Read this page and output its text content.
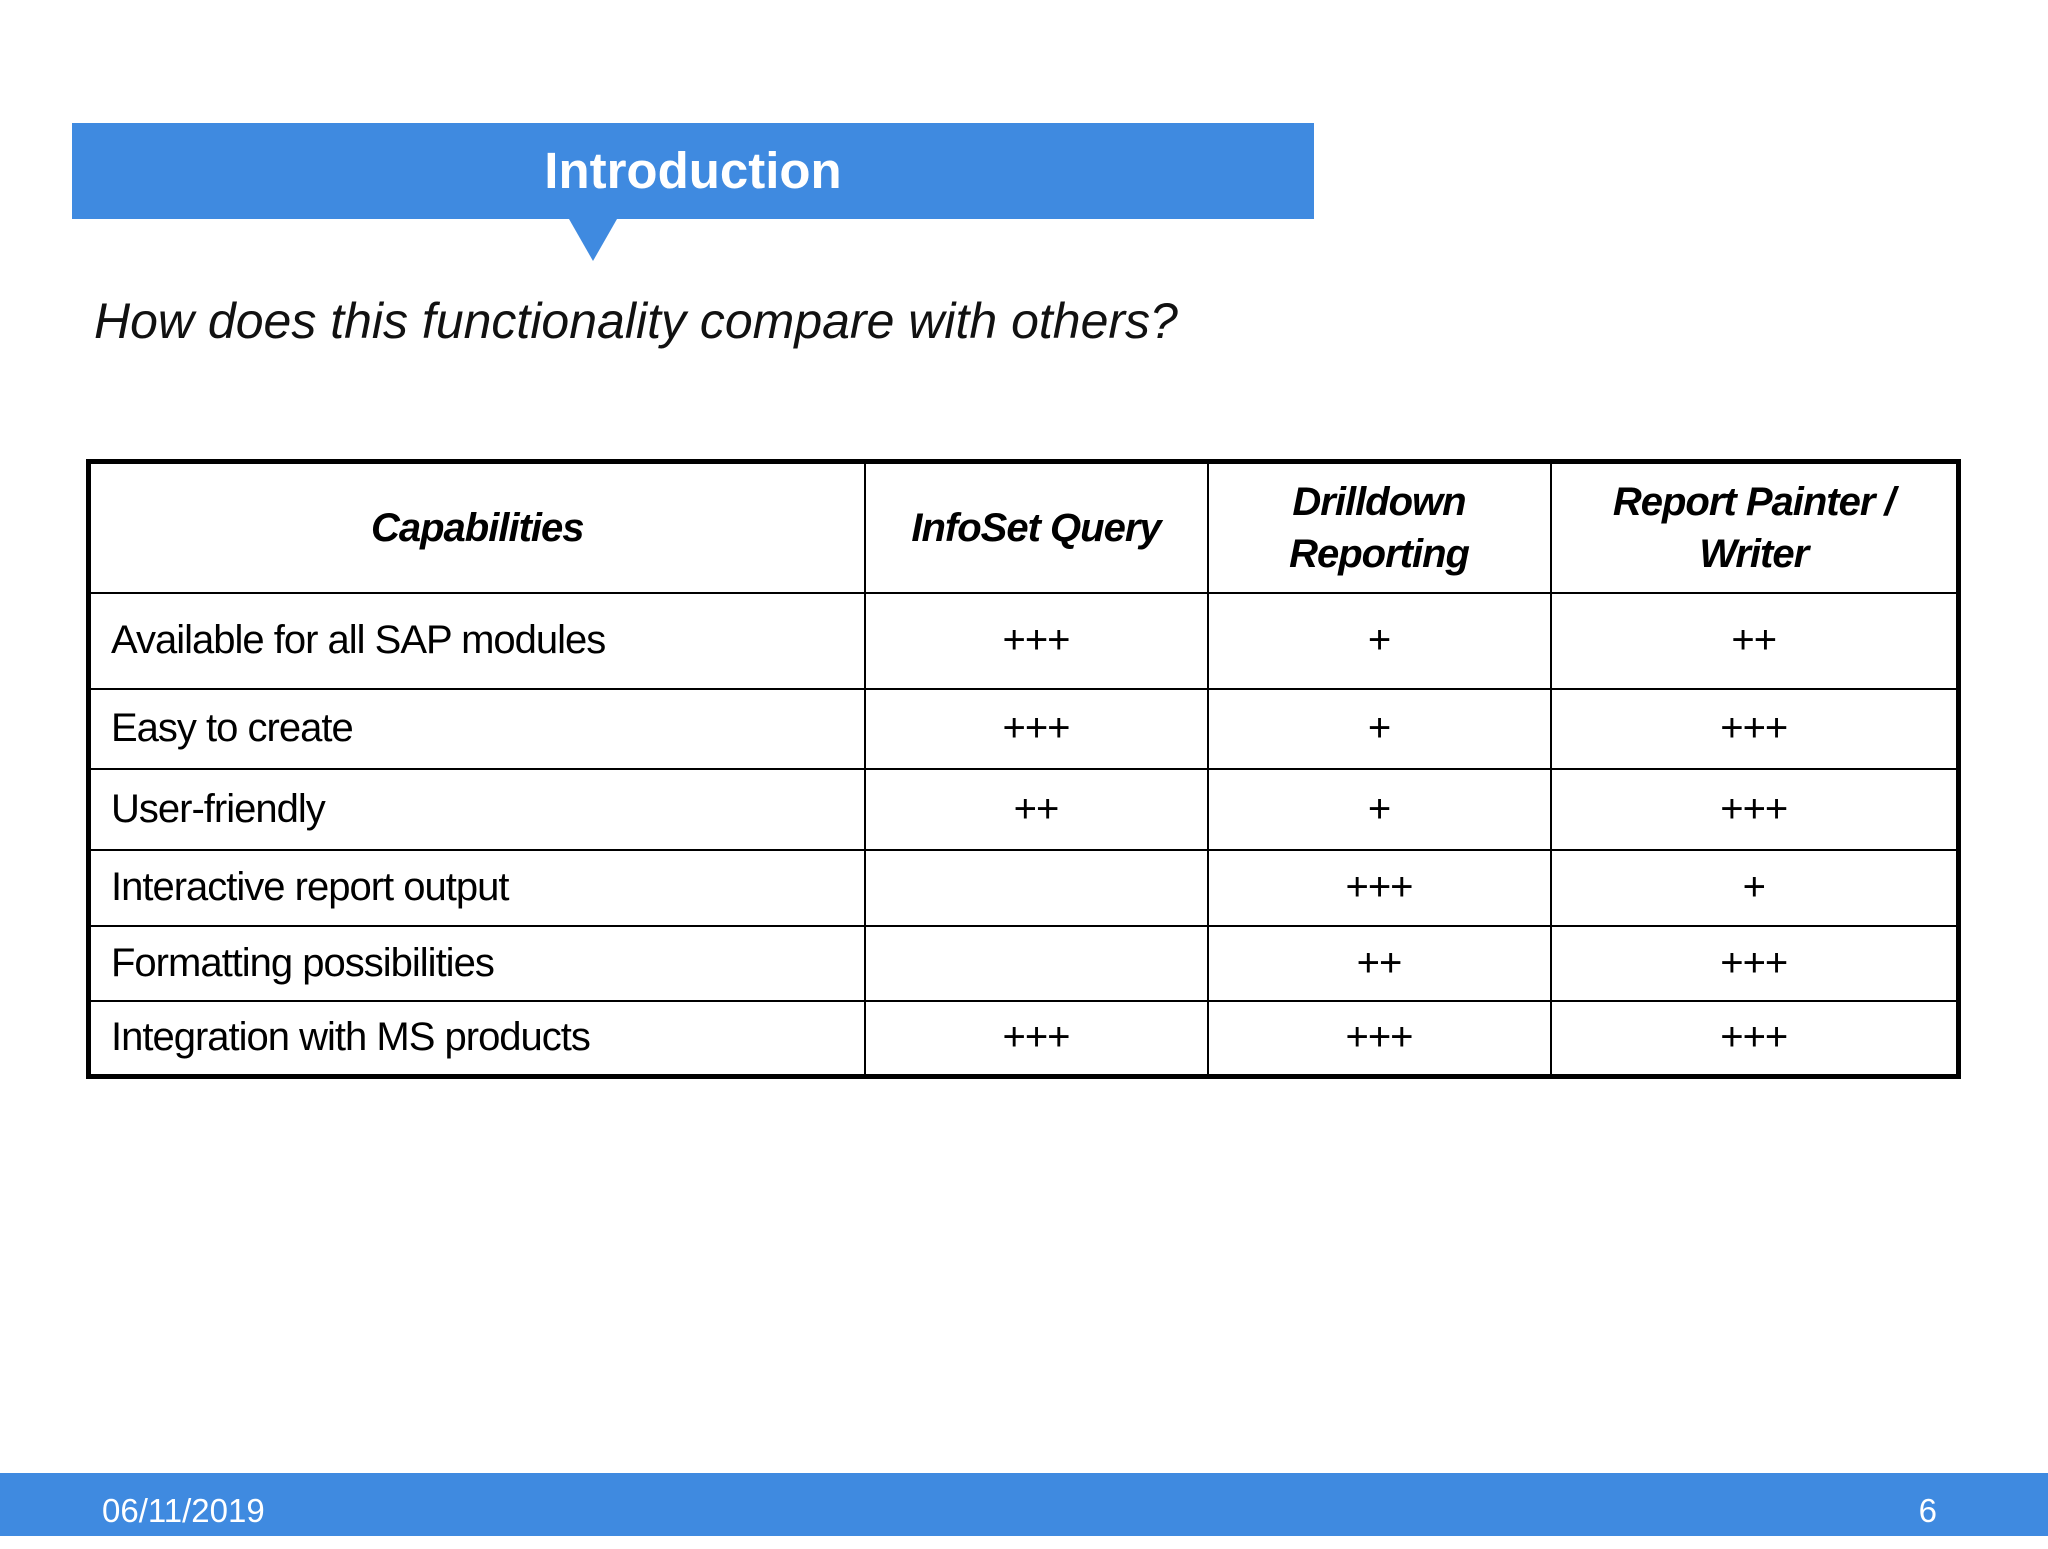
Introduction
How does this functionality compare with others?
Capabilities	InfoSet Query	Drilldown Reporting	Report Painter / Writer
Available for all SAP modules	+++	+	++
Easy to create	+++	+	+++
User-friendly	++	+	+++
Interactive report output		+++	+
Formatting possibilities		++	+++
Integration with MS products	+++	+++	+++
06/11/2019	6
